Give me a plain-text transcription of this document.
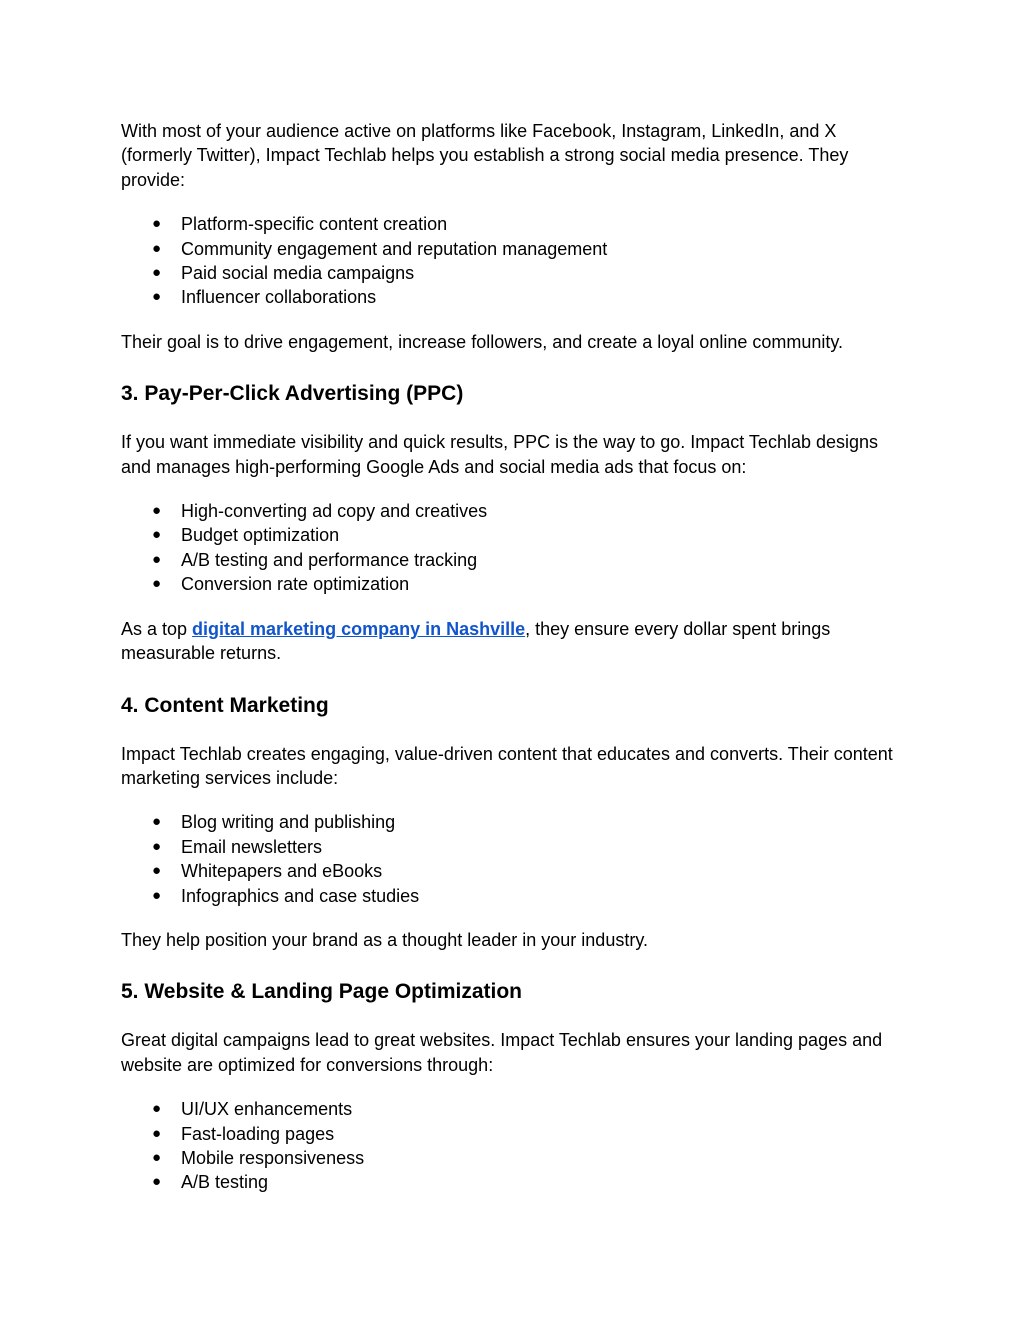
With most of your audience active on platforms like Facebook, Instagram, LinkedIn, and X (formerly Twitter), Impact Techlab helps you establish a strong social media presence. They provide:

● Platform-specific content creation
● Community engagement and reputation management
● Paid social media campaigns
● Influencer collaborations

Their goal is to drive engagement, increase followers, and create a loyal online community.

3. Pay-Per-Click Advertising (PPC)

If you want immediate visibility and quick results, PPC is the way to go. Impact Techlab designs and manages high-performing Google Ads and social media ads that focus on:

● High-converting ad copy and creatives
● Budget optimization
● A/B testing and performance tracking
● Conversion rate optimization

As a top digital marketing company in Nashville, they ensure every dollar spent brings measurable returns.

4. Content Marketing

Impact Techlab creates engaging, value-driven content that educates and converts. Their content marketing services include:

● Blog writing and publishing
● Email newsletters
● Whitepapers and eBooks
● Infographics and case studies

They help position your brand as a thought leader in your industry.

5. Website & Landing Page Optimization

Great digital campaigns lead to great websites. Impact Techlab ensures your landing pages and website are optimized for conversions through:

● UI/UX enhancements
● Fast-loading pages
● Mobile responsiveness
● A/B testing
